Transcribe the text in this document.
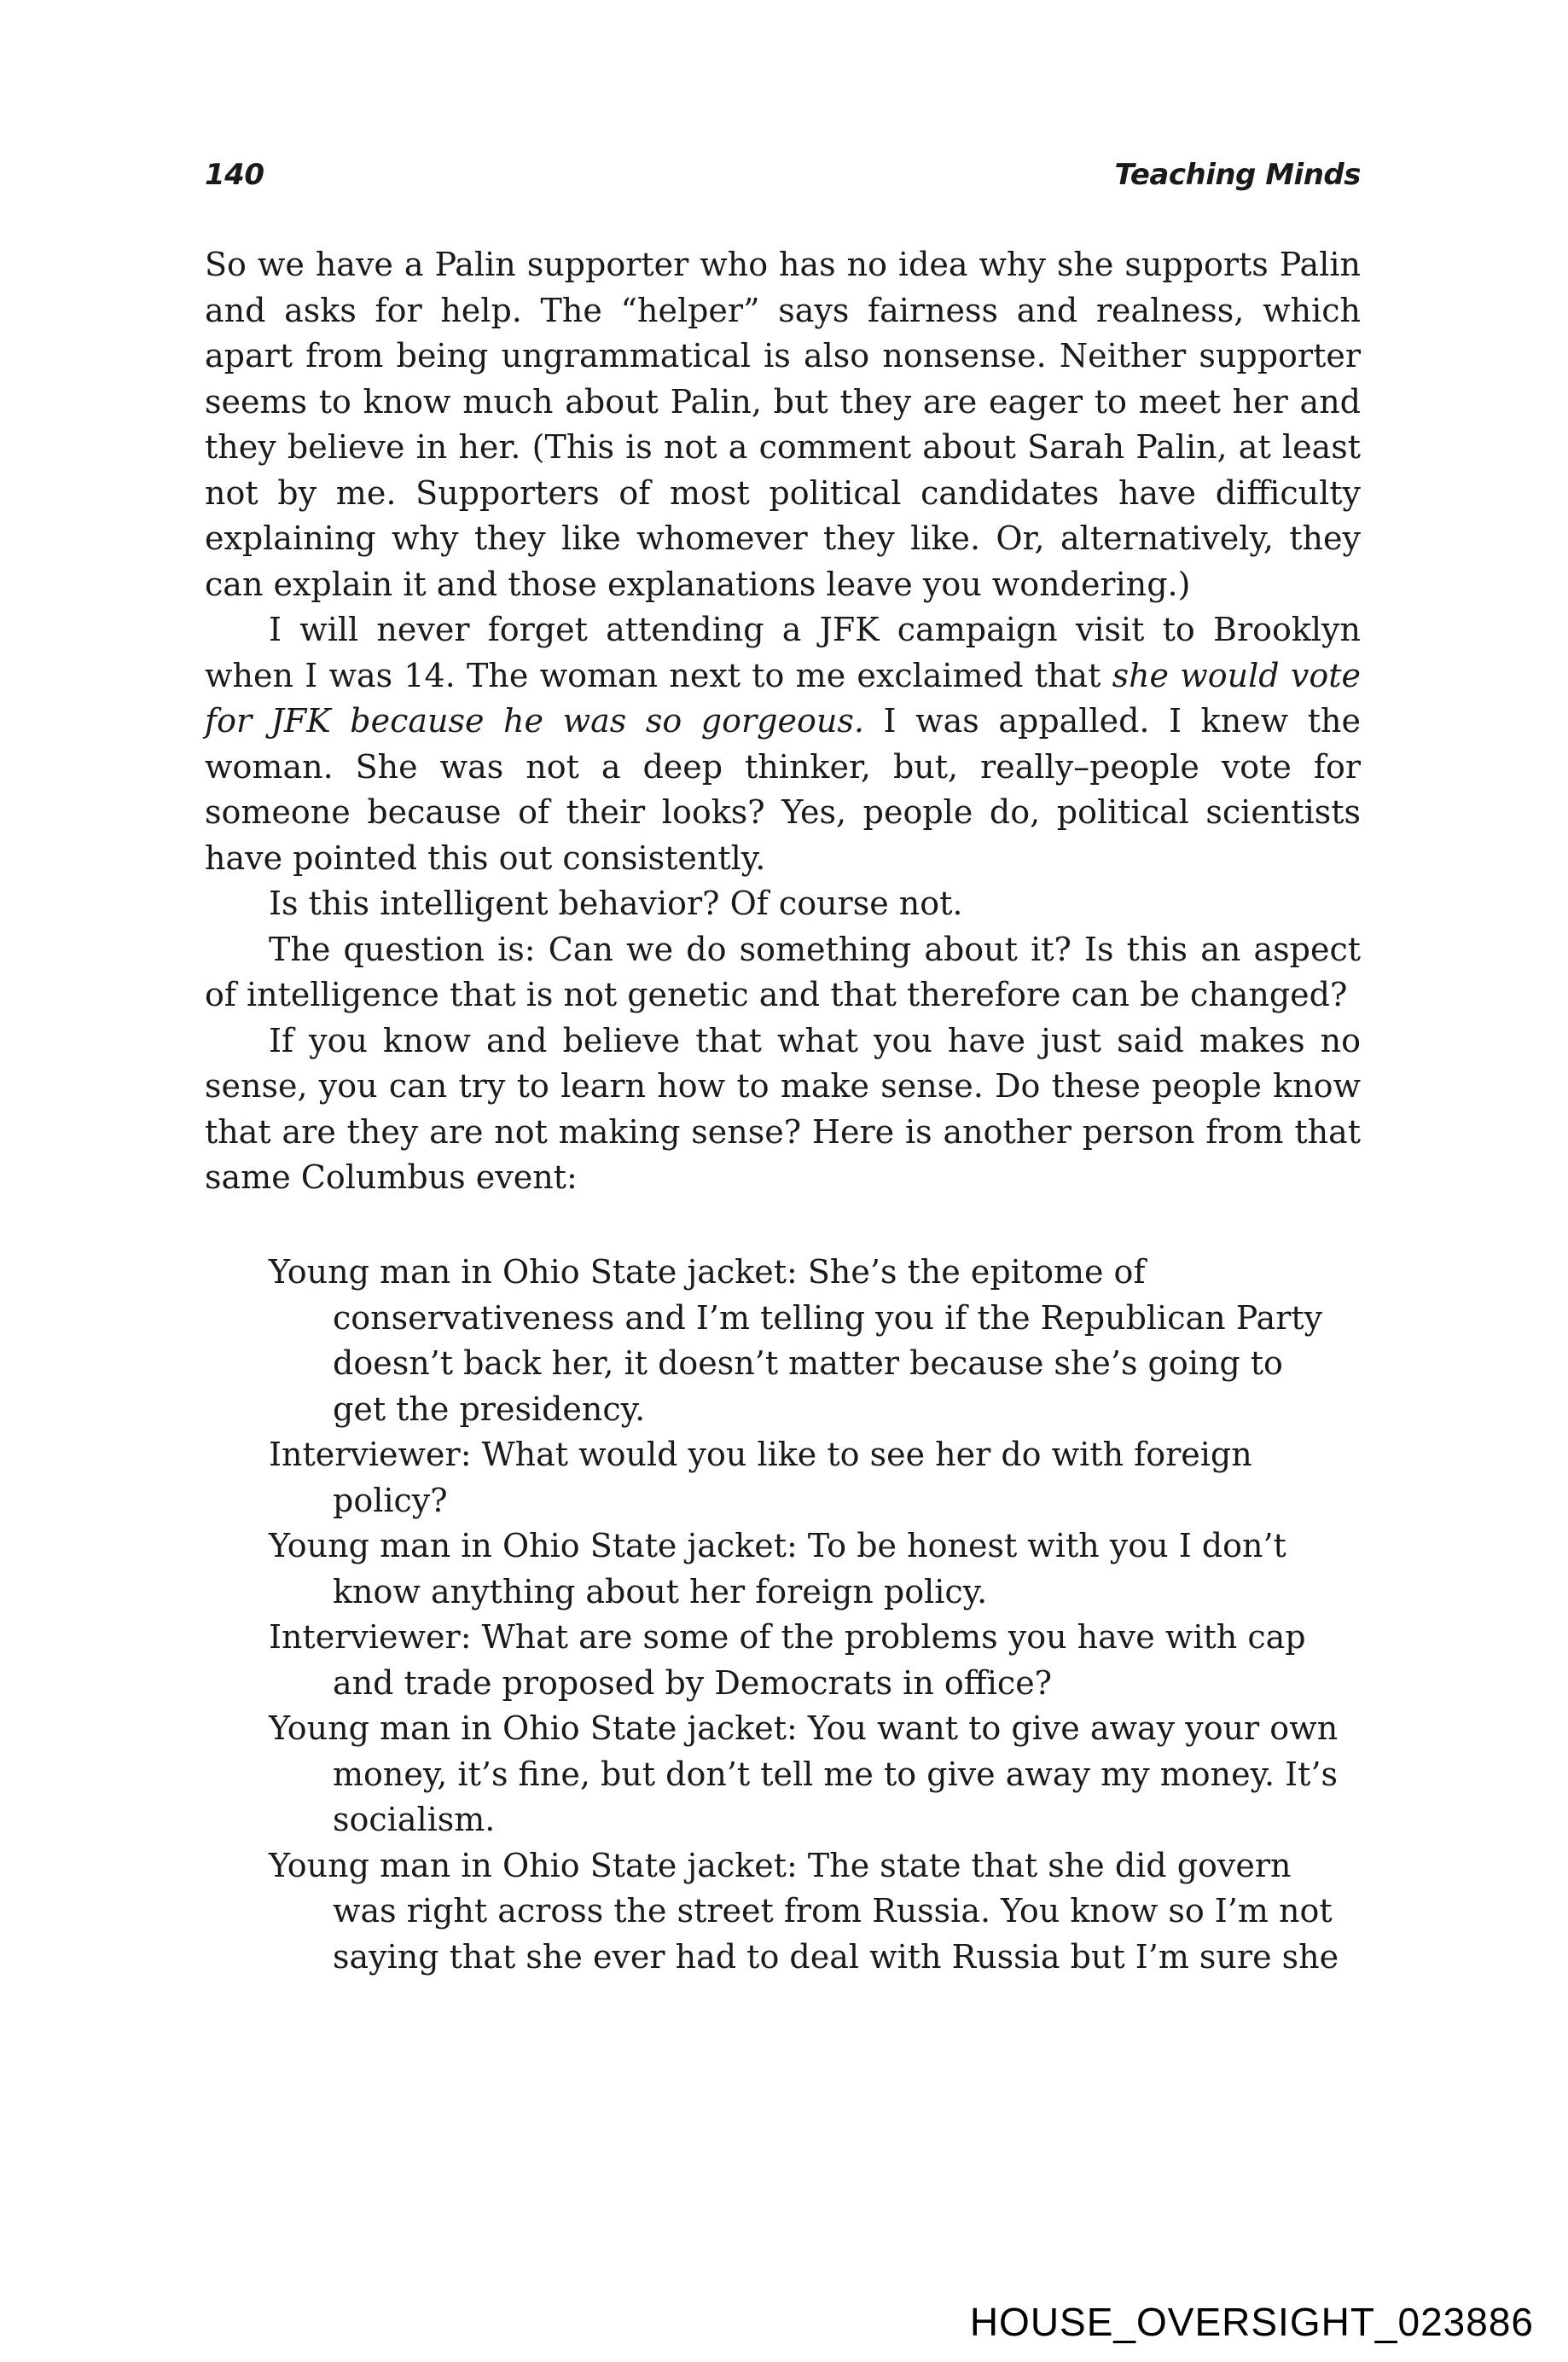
140	Teaching Minds

So we have a Palin supporter who has no idea why she supports Palin and asks for help. The “helper” says fairness and realness, which apart from being ungrammatical is also nonsense. Neither supporter seems to know much about Palin, but they are eager to meet her and they believe in her. (This is not a comment about Sarah Palin, at least not by me. Supporters of most political candidates have difficulty explaining why they like whomever they like. Or, alternatively, they can explain it and those explanations leave you wondering.)

I will never forget attending a JFK campaign visit to Brooklyn when I was 14. The woman next to me exclaimed that she would vote for JFK because he was so gorgeous. I was appalled. I knew the woman. She was not a deep thinker, but, really–people vote for someone because of their looks? Yes, people do, political scientists have pointed this out consistently.

Is this intelligent behavior? Of course not.

The question is: Can we do something about it? Is this an aspect of intelligence that is not genetic and that therefore can be changed?

If you know and believe that what you have just said makes no sense, you can try to learn how to make sense. Do these people know that are they are not making sense? Here is another person from that same Columbus event:

Young man in Ohio State jacket: She’s the epitome of conservativeness and I’m telling you if the Republican Party doesn’t back her, it doesn’t matter because she’s going to get the presidency.

Interviewer: What would you like to see her do with foreign policy?

Young man in Ohio State jacket: To be honest with you I don’t know anything about her foreign policy.

Interviewer: What are some of the problems you have with cap and trade proposed by Democrats in office?

Young man in Ohio State jacket: You want to give away your own money, it’s fine, but don’t tell me to give away my money. It’s socialism.

Young man in Ohio State jacket: The state that she did govern was right across the street from Russia. You know so I’m not saying that she ever had to deal with Russia but I’m sure she

HOUSE_OVERSIGHT_023886
